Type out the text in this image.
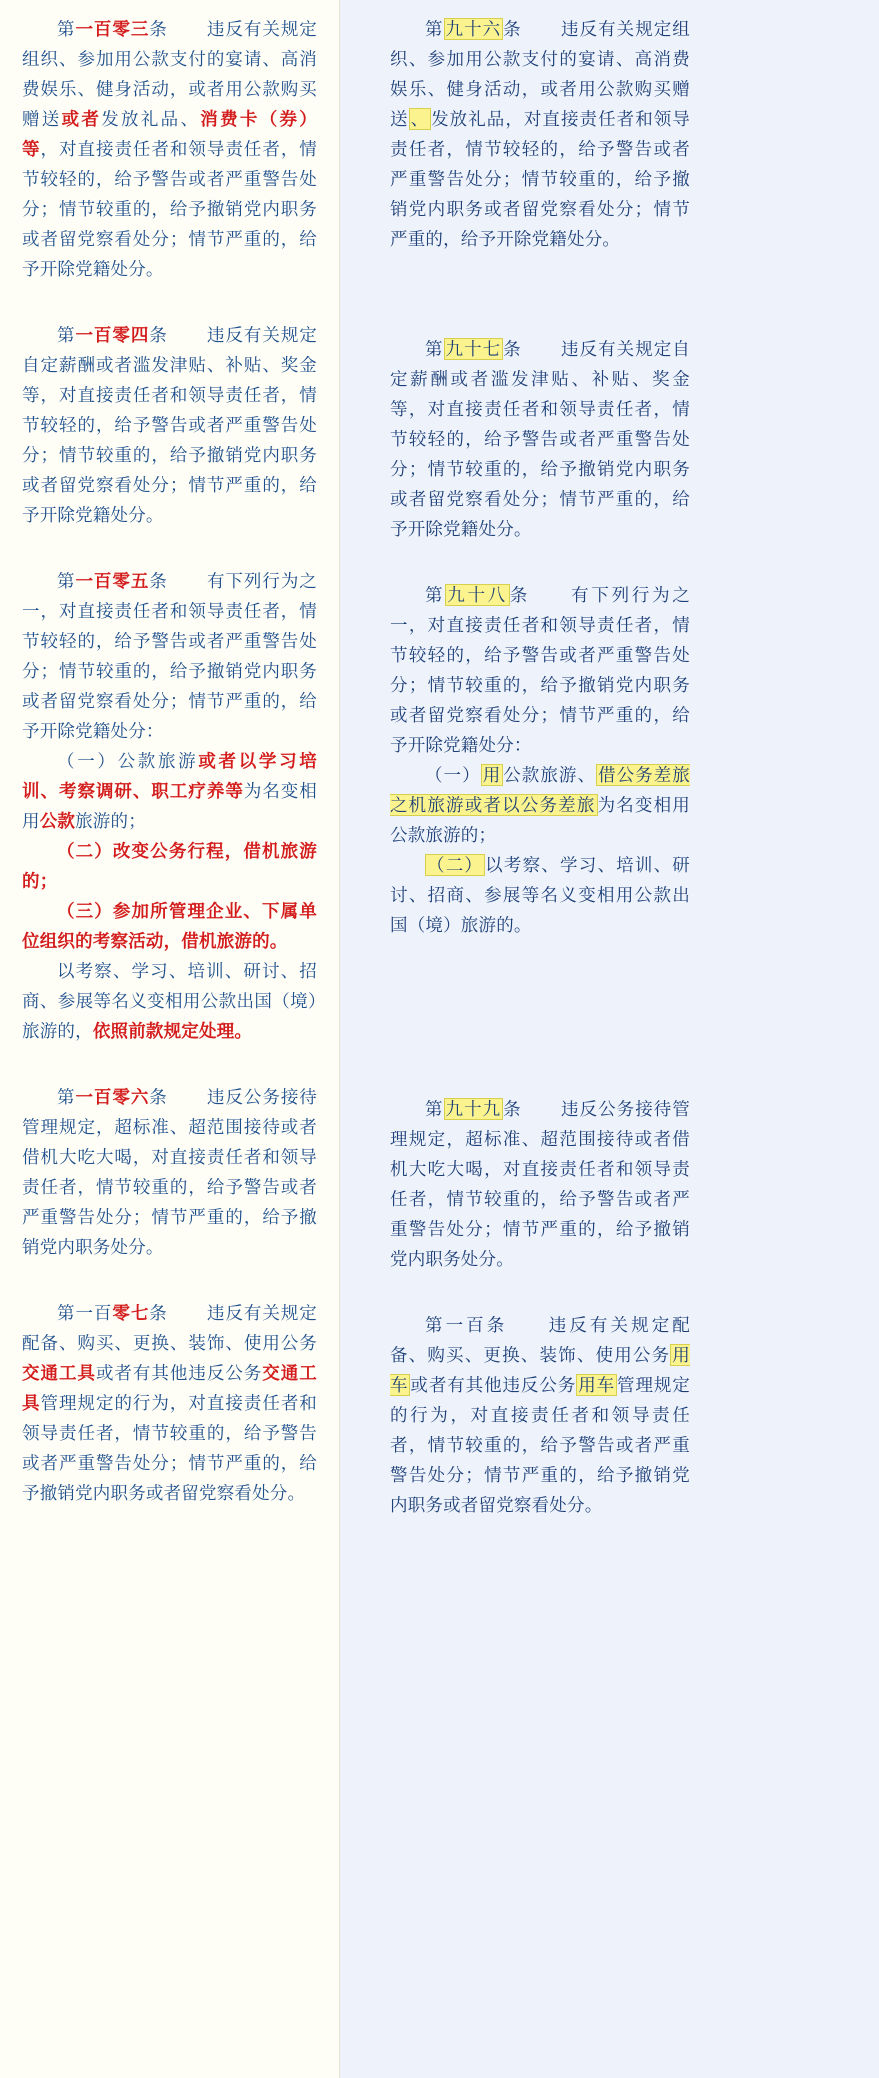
第一百零三条 违反有关规定组织、参加用公款支付的宴请、高消费娱乐、健身活动，或者用公款购买赠送或者发放礼品、消费卡（券）等，对直接责任者和领导责任者，情节较轻的，给予警告或者严重警告处分；情节较重的，给予撤销党内职务或者留党察看处分；情节严重的，给予开除党籍处分。

第一百零四条 违反有关规定自定薪酬或者滥发津贴、补贴、奖金等，对直接责任者和领导责任者，情节较轻的，给予警告或者严重警告处分；情节较重的，给予撤销党内职务或者留党察看处分；情节严重的，给予开除党籍处分。

第一百零五条 有下列行为之一，对直接责任者和领导责任者，情节较轻的，给予警告或者严重警告处分；情节较重的，给予撤销党内职务或者留党察看处分；情节严重的，给予开除党籍处分：

（一）公款旅游或者以学习培训、考察调研、职工疗养等为名变相用公款旅游的；

（二）改变公务行程，借机旅游的；

（三）参加所管理企业、下属单位组织的考察活动，借机旅游的。

以考察、学习、培训、研讨、招商、参展等名义变相用公款出国（境）旅游的，依照前款规定处理。

第一百零六条 违反公务接待管理规定，超标准、超范围接待或者借机大吃大喝，对直接责任者和领导责任者，情节较重的，给予警告或者严重警告处分；情节严重的，给予撤销党内职务处分。

第一百零七条 违反有关规定配备、购买、更换、装饰、使用公务交通工具或者有其他违反公务交通工具管理规定的行为，对直接责任者和领导责任者，情节较重的，给予警告或者严重警告处分；情节严重的，给予撤销党内职务或者留党察看处分。

第 九十六 条 违反有关规定组织、参加用公款支付的宴请、高消费娱乐、健身活动，或者用公款购买赠送 、 发放礼品，对直接责任者和领导责任者，情节较轻的，给予警告或者严重警告处分；情节较重的，给予撤销党内职务或者留党察看处分；情节严重的，给予开除党籍处分。

第 九十七 条 违反有关规定自定薪酬或者滥发津贴、补贴、奖金等，对直接责任者和领导责任者，情节较轻的，给予警告或者严重警告处分；情节较重的，给予撤销党内职务或者留党察看处分；情节严重的，给予开除党籍处分。

第 九十八 条 有下列行为之一，对直接责任者和领导责任者，情节较轻的，给予警告或者严重警告处分；情节较重的，给予撤销党内职务或者留党察看处分；情节严重的，给予开除党籍处分：

（一） 用 公款旅游、 借公务差旅之机旅游或者以公务差旅 为名变相用公款旅游的；

（二） 以考察、学习、培训、研讨、招商、参展等名义变相用公款出国（境）旅游的。

第 九十九 条 违反公务接待管理规定，超标准、超范围接待或者借机大吃大喝，对直接责任者和领导责任者，情节较重的，给予警告或者严重警告处分；情节严重的，给予撤销党内职务处分。

第一百条 违反有关规定配备、购买、更换、装饰、使用公务 用车 或者有其他违反公务 用车 管理规定的行为，对直接责任者和领导责任者，情节较重的，给予警告或者严重警告处分；情节严重的，给予撤销党内职务或者留党察看处分。
